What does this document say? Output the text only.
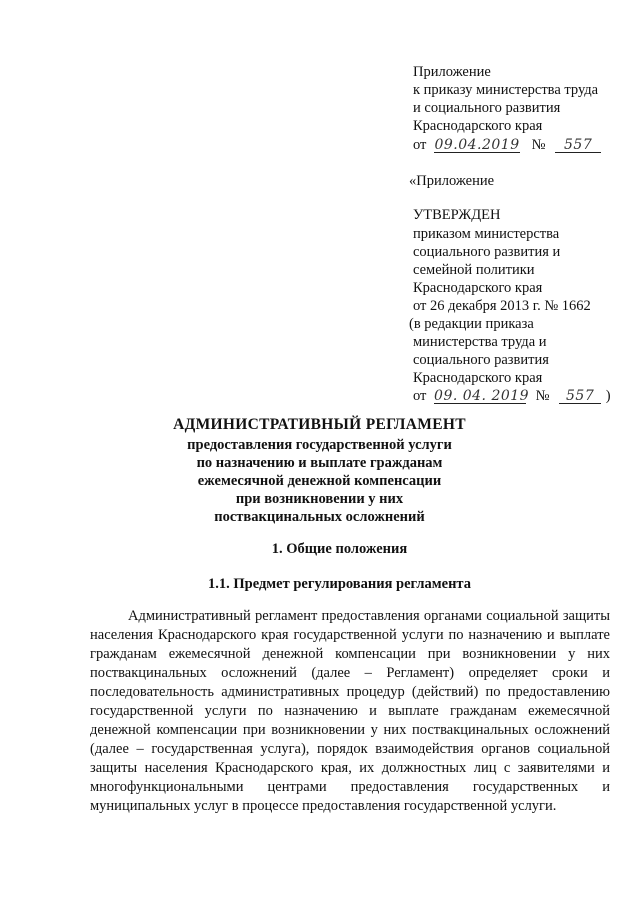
Приложение
к приказу министерства труда
и социального развития
Краснодарского края
от 09.04.2019 № 557
«Приложение
УТВЕРЖДЕН
приказом министерства
социального развития и
семейной политики
Краснодарского края
от 26 декабря 2013 г. № 1662
(в редакции приказа
министерства труда и
социального развития
Краснодарского края
от 09. 04. 2019 № 557 )
АДМИНИСТРАТИВНЫЙ РЕГЛАМЕНТ
предоставления государственной услуги
по назначению и выплате гражданам
ежемесячной денежной компенсации
при возникновении у них
поствакцинальных осложнений
1. Общие положения
1.1. Предмет регулирования регламента

Административный регламент предоставления органами социальной защиты населения Краснодарского края государственной услуги по назначению и выплате гражданам ежемесячной денежной компенсации при возникновении у них поствакцинальных осложнений (далее – Регламент) определяет сроки и последовательность административных процедур (действий) по предоставлению государственной услуги по назначению и выплате гражданам ежемесячной денежной компенсации при возникновении у них поствакцинальных осложнений (далее – государственная услуга), порядок взаимодействия органов социальной защиты населения Краснодарского края, их должностных лиц с заявителями и многофункциональными центрами предоставления государственных и муниципальных услуг в процессе предоставления государственной услуги.
